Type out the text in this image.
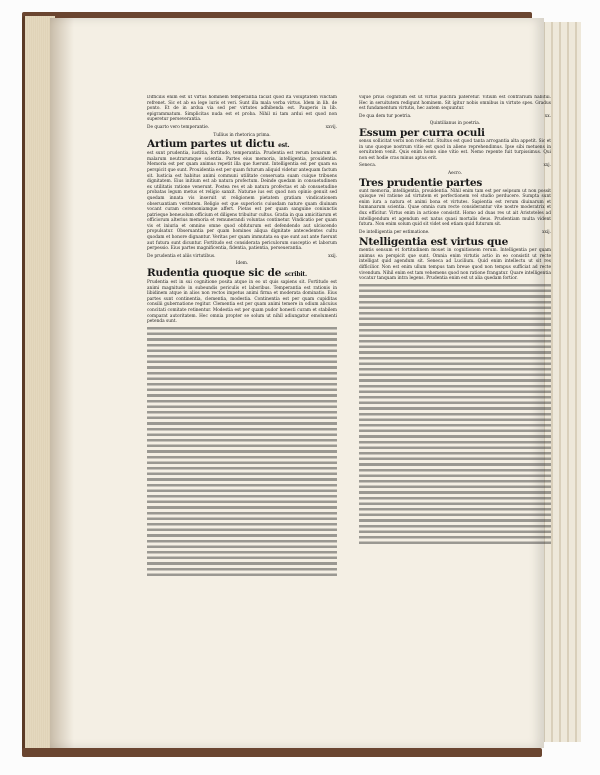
Difficilis enim est ut virtus hominem temperantia faciat quod ita voluptatem vinctam refrenet. Sic et ab ea lege iuris et veri. Sunt illa mala verba virtus. Idem in lib. de ponto. Et de in ardua via sed per virtutes adhibenda est. Pauperis in lib. epigrammatum. Simplicitas nuda est et proba. Nihil ni tam ardui est quod non superetur perseverantia.
De quarto vero temperantie.	xxvij.
Tullius in rhetorica prima.
Artium partes ut dictu est.
est sunt prudentia, iustitia, fortitudo, temperantia. Prudentia est rerum bonarum et malarum neutrarumque scientia. Partes eius memoria, intelligentia, prouidentia. Memoria est per quam animus repetit illa que fuerunt. Intelligentia est per quam ea perspicit que sunt. Prouidentia est per quam futurum aliquid videtur antequam factum sit. Iusticia est habitus animi communi utilitate conseruata suam cuique tribuens dignitatem. Eius initium est ab natura profectum. Deinde quedam in consuetudinem ex utilitatis ratione venerunt. Postea res et ab natura profectas et ab consuetudine probatas legum metus et religio sanxit. Naturae ius est quod non opinio genuit sed quedam innata vis inseruit ut religionem pietatem gratiam vindicationem obseruantiam veritatem. Religio est que superioris cuiusdam nature quam diuinam vocant curam ceremoniamque affert. Pietas est per quam sanguine coniunctis patrieque beneuolum officium et diligens tribuitur cultus. Gratia in qua amicitiarum et officiorum alterius memoria et remunerandi voluntas continetur. Vindicatio per quam vis et iniuria et omnino omne quod obfuturum est defendendo aut ulciscendo propulsatur. Obseruantia per quam homines aliqua dignitate antecedentes cultu quodam et honore dignantur. Veritas per quam immutata ea que sunt aut ante fuerunt aut futura sunt dicuntur. Fortitudo est considerata periculorum susceptio et laborum perpessio. Eius partes magnificentia, fidentia, patientia, perseuerantia.
De prudentia et aliis virtutibus.	xxij.
Idem.
Rudentia quoque sic de scribit.
Prudentia est in sui cognitione posita atque in eo ut quis sapiens sit. Fortitudo est animi magnitudo in subeundis periculis et laboribus. Temperantia est rationis in libidinem atque in alios non rectos impetus animi firma et moderata dominatio. Eius partes sunt continentia, clementia, modestia. Continentia est per quam cupiditas consilii gubernatione regitur. Clementia est per quam animi temere in odium alicuius concitati comitate retinentur. Modestia est per quam pudor honesti curam et stabilem comparat autoritatem. Hec omnia propter se solum ut nihil adiungatur emolumenti petenda sunt.
vique prius cognitum est ut virtus pulchra pateretur. Vitium est contrarium habitui. Hec in seruitutem redigunt hominem. Sit igitur nobis omnibus in virtute spes. Gradus est fundamentum virtutis, hec autem sequuntur.
De qua dem tur poetria.	xx.
Quintilianus in poetria.
Essum per curra oculi
sensu sollicitat verbi non reflectat. Stultus est quod tanta arrogantia alta appetit. Sic et in uno quoque nostrum vitio est quod in alieno reprehendimus. Ipse sibi metuens in seruitutem venit. Quis enim homo sine vitio est. Nemo repente fuit turpissimus. Qui non est hodie cras minus aptus erit.
Seneca.	xxj.
Aecro.
Tres prudentie partes
sunt memoria, intelligentia, prouidentia. Nihil enim tam est per seipsum ut non possit quisque vel ratione ad virtutem et perfectionem vel studio perducere. Sumpta sunt enim iura a natura et animi bona et virtutes. Sapientia est rerum diuinarum et humanarum scientia. Quae omnia cum recte considerantur vite nostre moderatrix et dux efficitur. Virtus enim in actione consistit. Homo ad duas res ut ait Aristoteles ad intelligendum et agendum est natus quasi mortalis deus. Prudentiam multa vident futura. Non enim solum quid sit videt sed etiam quid futurum sit.
De intelligentia per estimatione.	xxij.
Ntelligentia est virtus que
mentis sensum et fortitudinem mouet in cognitionem rerum. Intelligentia per quam animus ea perspicit que sunt. Omnia enim virtutis actio in eo consistit ut recte intelligat quid agendum sit. Seneca ad Lucilium. Quid enim intellectu ut sit res difficilior. Non est enim ullum tempus tam breue quod non tempus sufficiat ad recte vivendum. Nihil enim est tam vehemens quod non ratione frangatur. Quare intelligentia vocatur tanquam intra legens. Prudentia enim est ut alia quedam fortior.
